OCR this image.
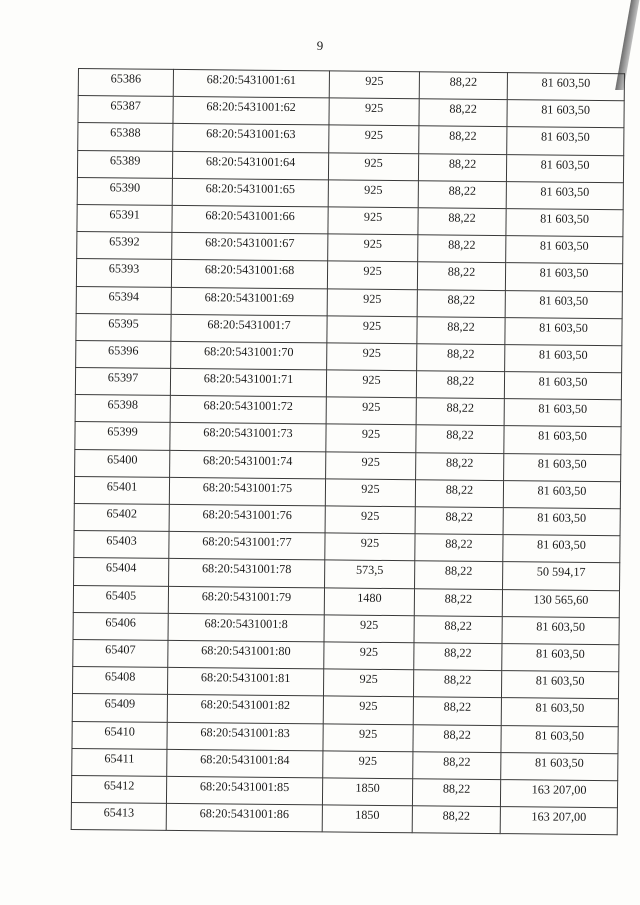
9
65386	68:20:5431001:61	925	88,22	81 603,50
65387	68:20:5431001:62	925	88,22	81 603,50
65388	68:20:5431001:63	925	88,22	81 603,50
65389	68:20:5431001:64	925	88,22	81 603,50
65390	68:20:5431001:65	925	88,22	81 603,50
65391	68:20:5431001:66	925	88,22	81 603,50
65392	68:20:5431001:67	925	88,22	81 603,50
65393	68:20:5431001:68	925	88,22	81 603,50
65394	68:20:5431001:69	925	88,22	81 603,50
65395	68:20:5431001:7	925	88,22	81 603,50
65396	68:20:5431001:70	925	88,22	81 603,50
65397	68:20:5431001:71	925	88,22	81 603,50
65398	68:20:5431001:72	925	88,22	81 603,50
65399	68:20:5431001:73	925	88,22	81 603,50
65400	68:20:5431001:74	925	88,22	81 603,50
65401	68:20:5431001:75	925	88,22	81 603,50
65402	68:20:5431001:76	925	88,22	81 603,50
65403	68:20:5431001:77	925	88,22	81 603,50
65404	68:20:5431001:78	573,5	88,22	50 594,17
65405	68:20:5431001:79	1480	88,22	130 565,60
65406	68:20:5431001:8	925	88,22	81 603,50
65407	68:20:5431001:80	925	88,22	81 603,50
65408	68:20:5431001:81	925	88,22	81 603,50
65409	68:20:5431001:82	925	88,22	81 603,50
65410	68:20:5431001:83	925	88,22	81 603,50
65411	68:20:5431001:84	925	88,22	81 603,50
65412	68:20:5431001:85	1850	88,22	163 207,00
65413	68:20:5431001:86	1850	88,22	163 207,00
